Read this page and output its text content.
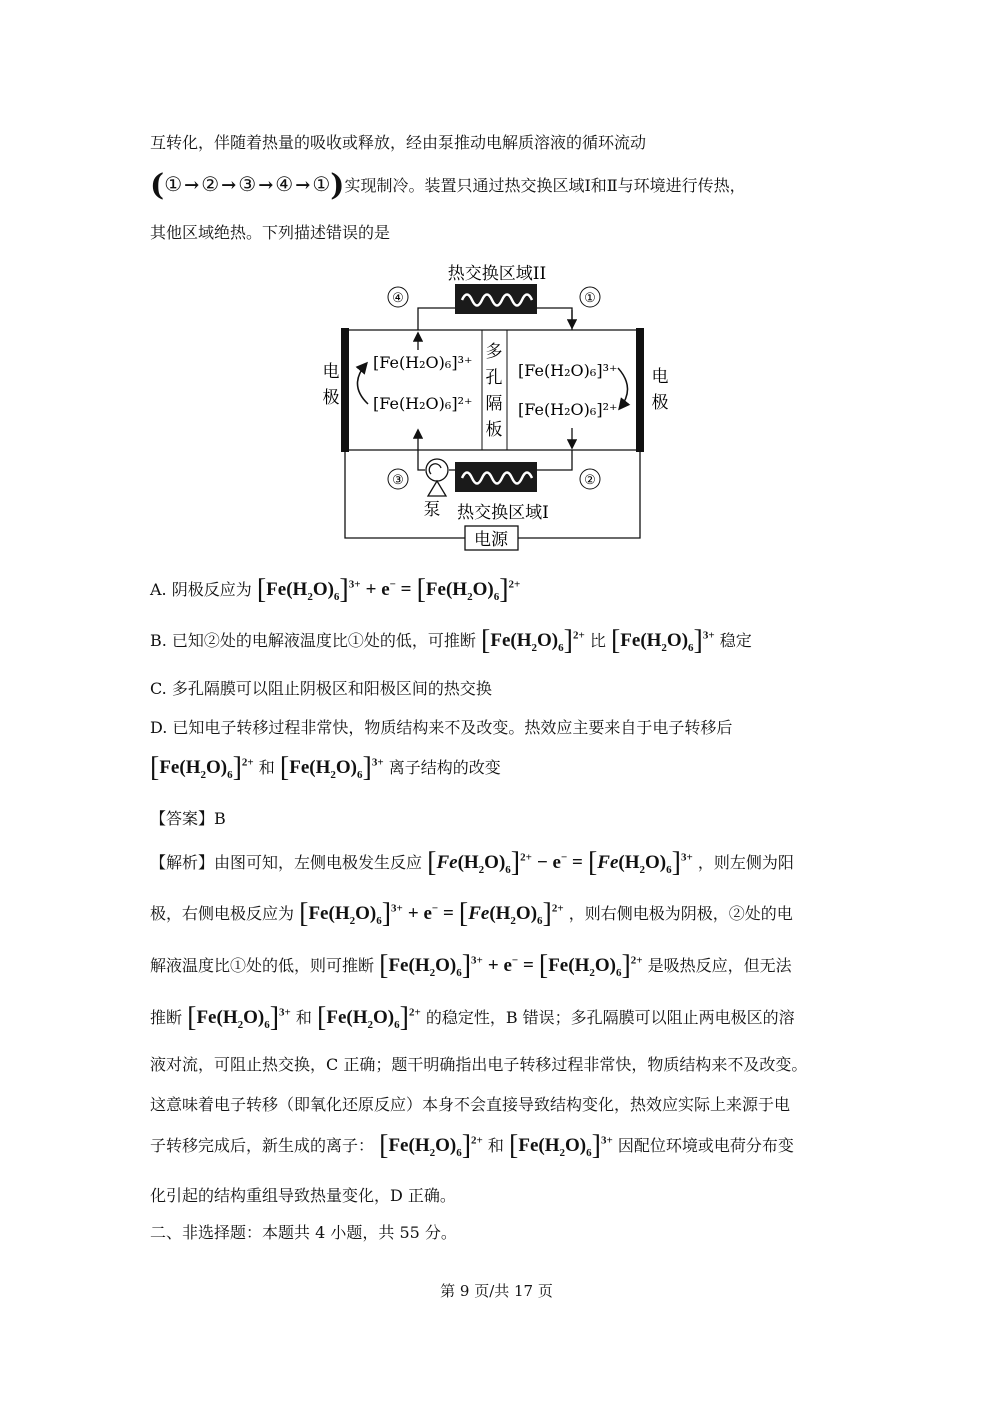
互转化，伴随着热量的吸收或释放，经由泵推动电解质溶液的循环流动
(① → ② → ③ → ④ → ①)实现制冷。装置只通过热交换区域Ⅰ和Ⅱ与环境进行传热，
其他区域绝热。下列描述错误的是
热交换区域II
④	①
多
孔
隔
板
电
极
电
极
[Fe(H₂O)₆]³⁺
[Fe(H₂O)₆]²⁺
[Fe(H₂O)₆]³⁺
[Fe(H₂O)₆]²⁺
泵 热交换区域I
③	②
电源
A. 阴极反应为 $[Fe(H_2O)_6]^{3+} + e^- = [Fe(H_2O)_6]^{2+}$
B. 已知②处的电解液温度比①处的低，可推断 $[Fe(H_2O)_6]^{2+}$ 比 $[Fe(H_2O)_6]^{3+}$ 稳定
C. 多孔隔膜可以阻止阴极区和阳极区间的热交换
D. 已知电子转移过程非常快，物质结构来不及改变。热效应主要来自于电子转移后
$[Fe(H_2O)_6]^{2+}$ 和 $[Fe(H_2O)_6]^{3+}$ 离子结构的改变
【答案】B
【解析】由图可知，左侧电极发生反应 $[Fe(H_2O)_6]^{2+} - e^- = [Fe(H_2O)_6]^{3+}$ ，则左侧为阳
极，右侧电极反应为 $[Fe(H_2O)_6]^{3+} + e^- = [Fe(H_2O)_6]^{2+}$ ，则右侧电极为阴极，②处的电
解液温度比①处的低，则可推断 $[Fe(H_2O)_6]^{3+} + e^- = [Fe(H_2O)_6]^{2+}$ 是吸热反应，但无法
推断 $[Fe(H_2O)_6]^{3+}$ 和 $[Fe(H_2O)_6]^{2+}$ 的稳定性，B 错误；多孔隔膜可以阻止两电极区的溶
液对流，可阻止热交换，C 正确；题干明确指出电子转移过程非常快，物质结构来不及改变。
这意味着电子转移（即氧化还原反应）本身不会直接导致结构变化，热效应实际上来源于电
子转移完成后，新生成的离子： $[Fe(H_2O)_6]^{2+}$ 和 $[Fe(H_2O)_6]^{3+}$ 因配位环境或电荷分布变
化引起的结构重组导致热量变化，D 正确。
二、非选择题：本题共 4 小题，共 55 分。
第 9 页/共 17 页
